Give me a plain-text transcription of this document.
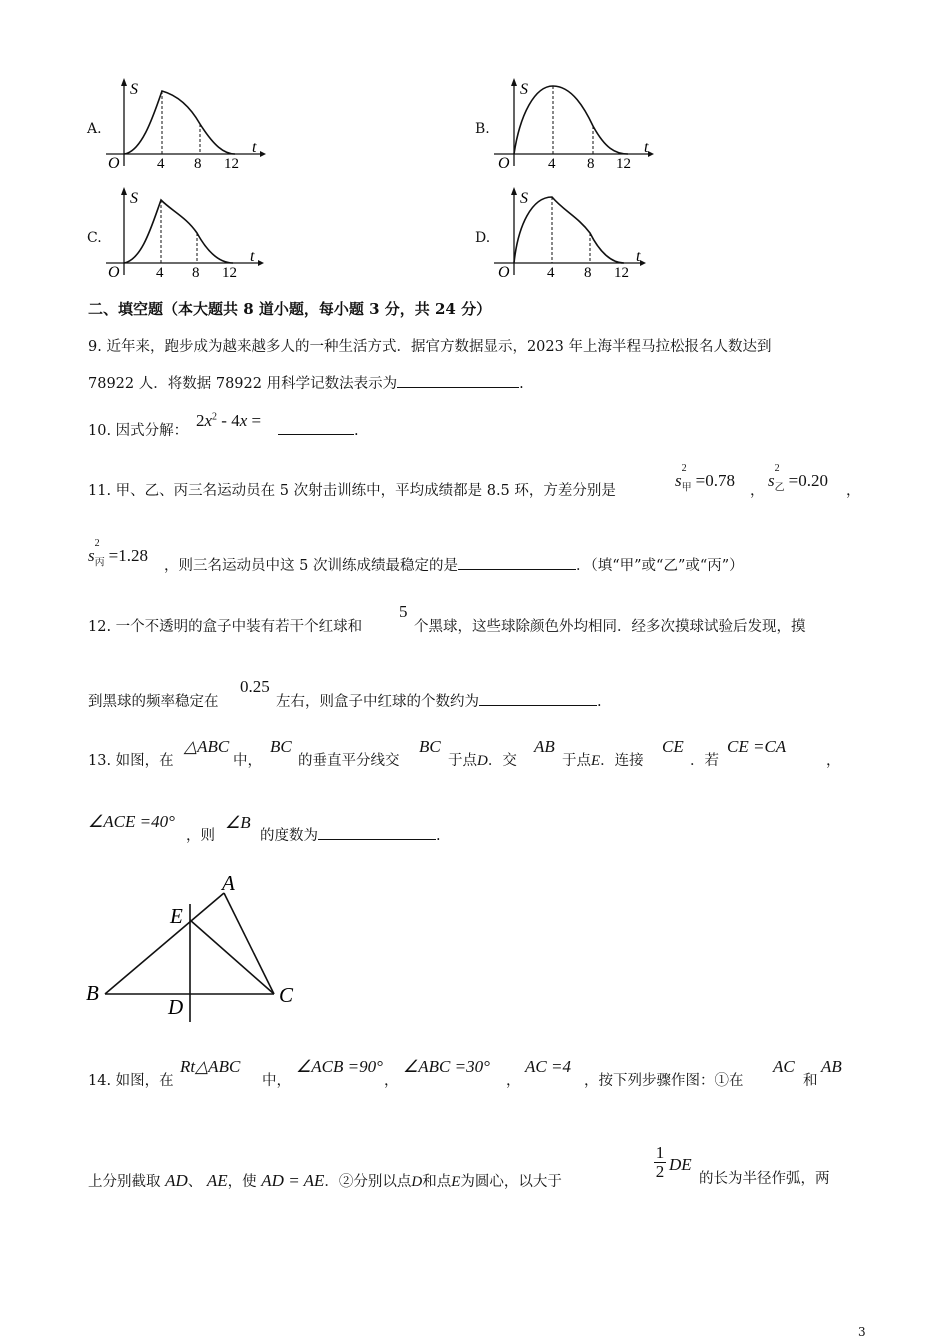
A.
S
t
O 4 8 12
B.
S
t
O	4 8 12
C.
S
t
O 4 8 12
D.
S
t
O 4 8 12
二、填空题（本大题共 8 道小题，每小题 3 分，共 24 分）
9. 近年来，跑步成为越来越多人的一种生活方式．据官方数据显示，2023 年上海半程马拉松报名人数达到
78922 人．将数据 78922 用科学记数法表示为	.
10. 因式分解：
$2x^2 - 4x$ =
.
11. 甲、乙、丙三名运动员在 5 次射击训练中，平均成绩都是 8.5 环，方差分别是
s
2
$_甲$ =0.78
，
s
2
$_乙$ =0.20
，
s
2
$_丙$ =1.28
，则三名运动员中这 5 次训练成绩最稳定的是	．（填“甲”或“乙”或“丙”）
12. 一个不透明的盒子中装有若干个红球和
5
个黑球，这些球除颜色外均相同．经多次摸球试验后发现，摸
到黑球的频率稳定在
0.25
左右，则盒子中红球的个数约为	.
13. 如图，在
△ABC
中，
BC
的垂直平分线交
BC
于点D．交
AB
于点E．连接
CE
．若
CE =CA
，
∠ACE =40°
，则
∠B
的度数为	.
A
B	C
D
E
14. 如图，在
Rt△ABC
中，
∠ACB =90°
，
∠ABC =30°
，
AC =4
，按下列步骤作图：①在
AC
和
AB
上分别截取 AD、 AE，使 AD = AE．②分别以点D和点E为圆心，以大于
1
2 DE
的长为半径作弧，两
3
